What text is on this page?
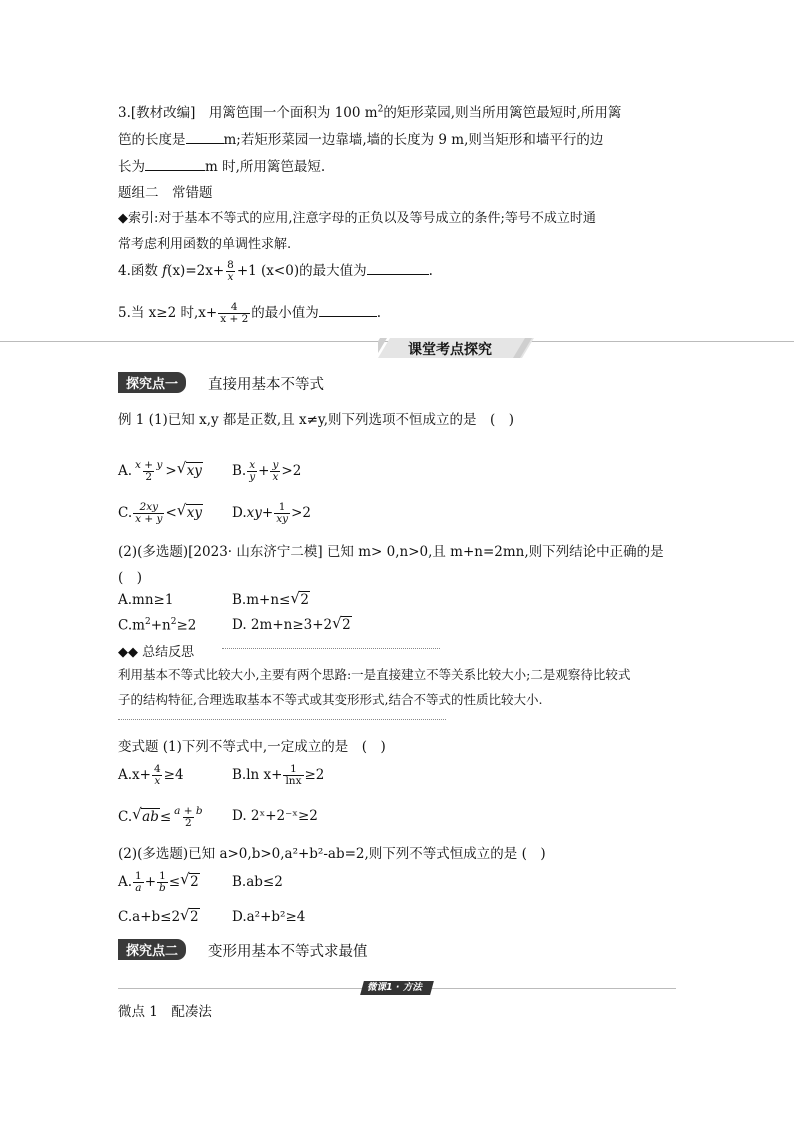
3.[教材改编]　用篱笆围一个面积为 100 $m^2$的矩形菜园,则当所用篱笆最短时,所用篱
笆的长度是	m;若矩形菜园一边靠墙,墙的长度为 9 m,则当矩形和墙平行的边
长为	m 时,所用篱笆最短.
题组二　常错题
◆索引:对于基本不等式的应用,注意字母的正负以及等号成立的条件;等号不成立时通
常考虑利用函数的单调性求解.
4.函数 $f(x)=2x+ \frac{8}{x} +1$ (x<0)的最大值为	.
5.当 x≥2 时$,x+ \frac{4}{x + 2}$ 的最小值为	.
课堂考点探究
探究点一	直接用基本不等式
例 1 (1)已知 x,y 都是正数,且 x≠y,则下列选项不恒成立的是　(　)
A. $\frac{x + y}{2}$ > √ xy B. $\frac{x}{y} + \frac{y}{x} >2$
C. $\frac{2xy}{x + y}$ < √ xy $D.xy+ \frac{1}{xy} >2$
(2)(多选题)[2023· 山东济宁二模] 已知 m> 0,n>0,且 m+n=2mn,则下列结论中正确的是
(　)
A.mn≥1	B.m+n≤ √ 2
$C.m^2+n^2\ge 2$	D. 2m+n≥3+2 √ 2
◆◆ 总结反思
利用基本不等式比较大小,主要有两个思路:一是直接建立不等关系比较大小;二是观察待比较式
子的结构特征,合理选取基本不等式或其变形形式,结合不等式的性质比较大小.
变式题 (1)下列不等式中,一定成立的是　(　)
$A.x+ \frac{4}{x} \ge 4$	B.ln $x+ \frac{1}{\ln x} \ge 2$
C. √ $ab\le \frac{a + b}{2} D$. 2ˣ+2⁻ˣ≥2
(2)(多选题)已知 a>0,b>0,a²+b²-ab=2,则下列不等式恒成立的是 (　)
A. $\frac{1}{a} + \frac{1}{b}$ ≤ √ 2 B.ab≤2
C.a+b≤2 √ 2 D.a²+b²≥4
探究点二	变形用基本不等式求最值
微课1 · 方法
微点 1　配凑法
